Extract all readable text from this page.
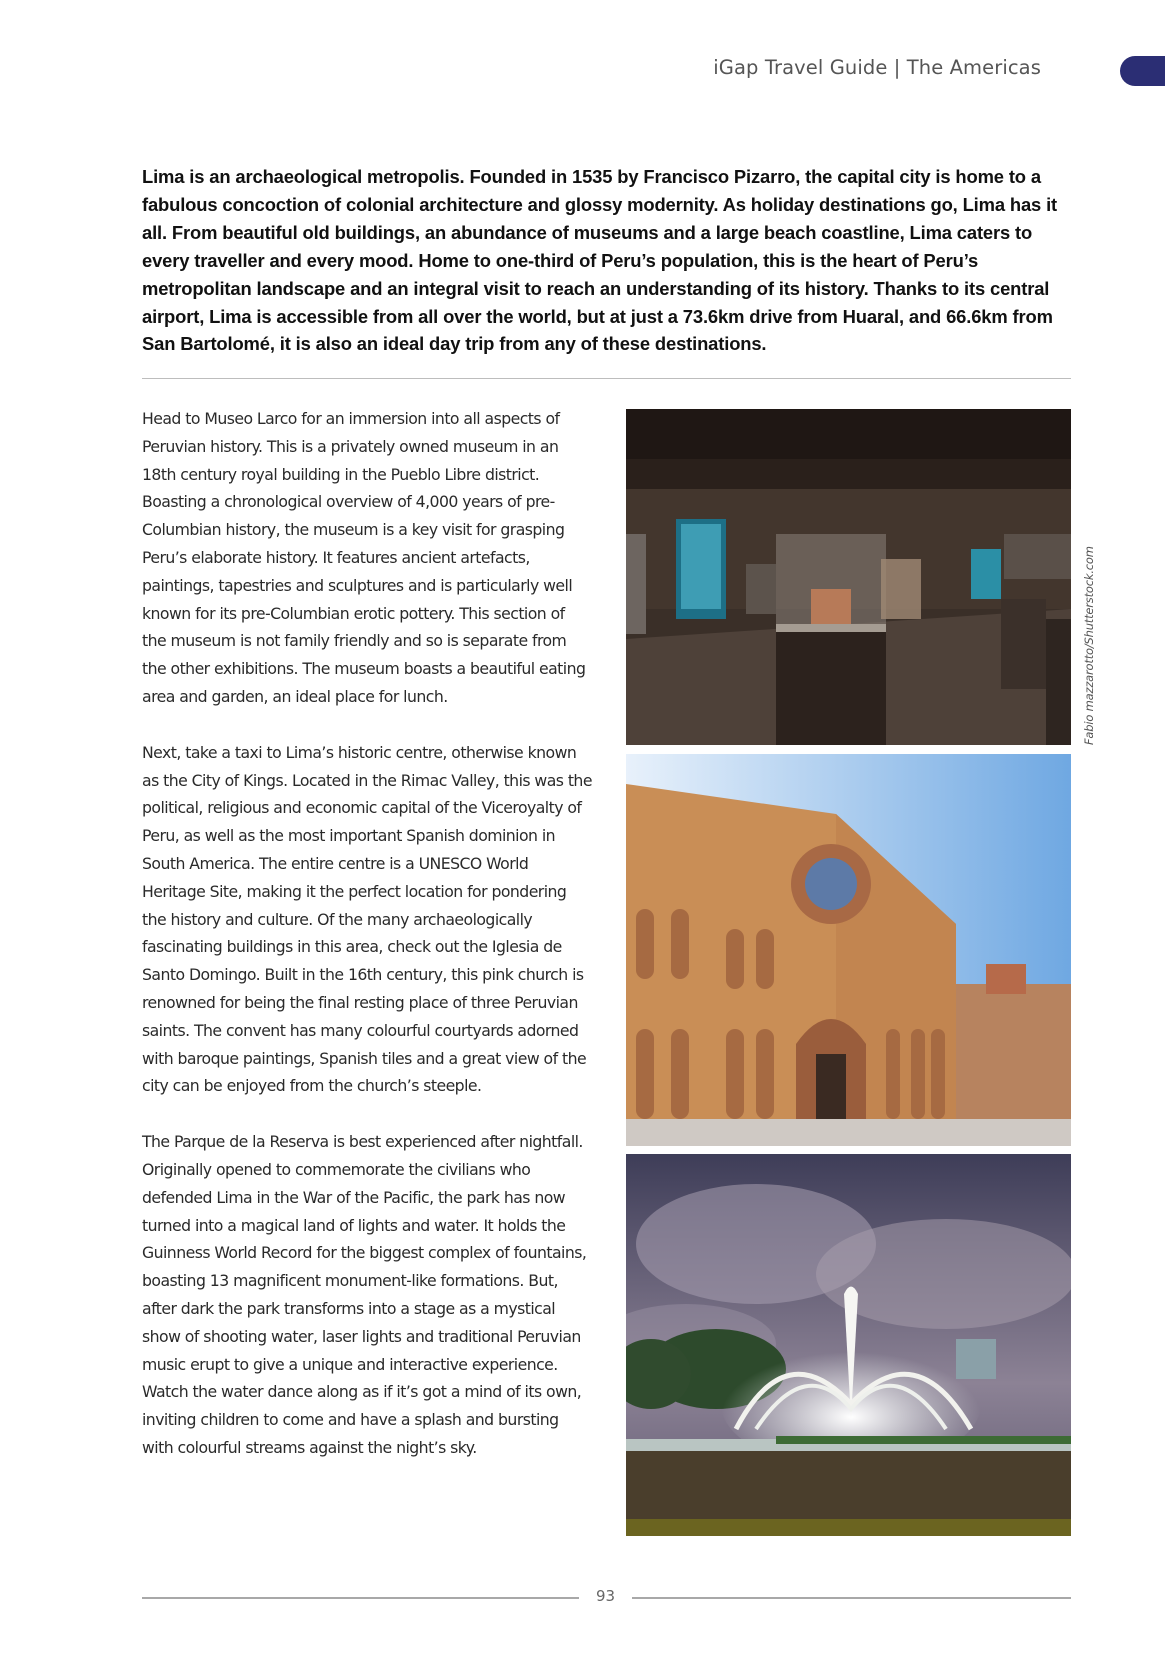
iGap Travel Guide | The Americas

Lima is an archaeological metropolis. Founded in 1535 by Francisco Pizarro, the capital city is home to a fabulous concoction of colonial architecture and glossy modernity. As holiday destinations go, Lima has it all. From beautiful old buildings, an abundance of museums and a large beach coastline, Lima caters to every traveller and every mood. Home to one-third of Peru’s population, this is the heart of Peru’s metropolitan landscape and an integral visit to reach an understanding of its history. Thanks to its central airport, Lima is accessible from all over the world, but at just a 73.6km drive from Huaral, and 66.6km from San Bartolomé, it is also an ideal day trip from any of these destinations.

Head to Museo Larco for an immersion into all aspects of Peruvian history. This is a privately owned museum in an 18th century royal building in the Pueblo Libre district. Boasting a chronological overview of 4,000 years of pre-Columbian history, the museum is a key visit for grasping Peru’s elaborate history. It features ancient artefacts, paintings, tapestries and sculptures and is particularly well known for its pre-Columbian erotic pottery. This section of the museum is not family friendly and so is separate from the other exhibitions. The museum boasts a beautiful eating area and garden, an ideal place for lunch.

Next, take a taxi to Lima’s historic centre, otherwise known as the City of Kings. Located in the Rimac Valley, this was the political, religious and economic capital of the Viceroyalty of Peru, as well as the most important Spanish dominion in South America. The entire centre is a UNESCO World Heritage Site, making it the perfect location for pondering the history and culture. Of the many archaeologically fascinating buildings in this area, check out the Iglesia de Santo Domingo. Built in the 16th century, this pink church is renowned for being the final resting place of three Peruvian saints. The convent has many colourful courtyards adorned with baroque paintings, Spanish tiles and a great view of the city can be enjoyed from the church’s steeple.

The Parque de la Reserva is best experienced after nightfall. Originally opened to commemorate the civilians who defended Lima in the War of the Pacific, the park has now turned into a magical land of lights and water. It holds the Guinness World Record for the biggest complex of fountains, boasting 13 magnificent monument-like formations. But, after dark the park transforms into a stage as a mystical show of shooting water, laser lights and traditional Peruvian music erupt to give a unique and interactive experience. Watch the water dance along as if it’s got a mind of its own, inviting children to come and have a splash and bursting with colourful streams against the night’s sky.

Fabio mazzarotto/Shutterstock.com
93
